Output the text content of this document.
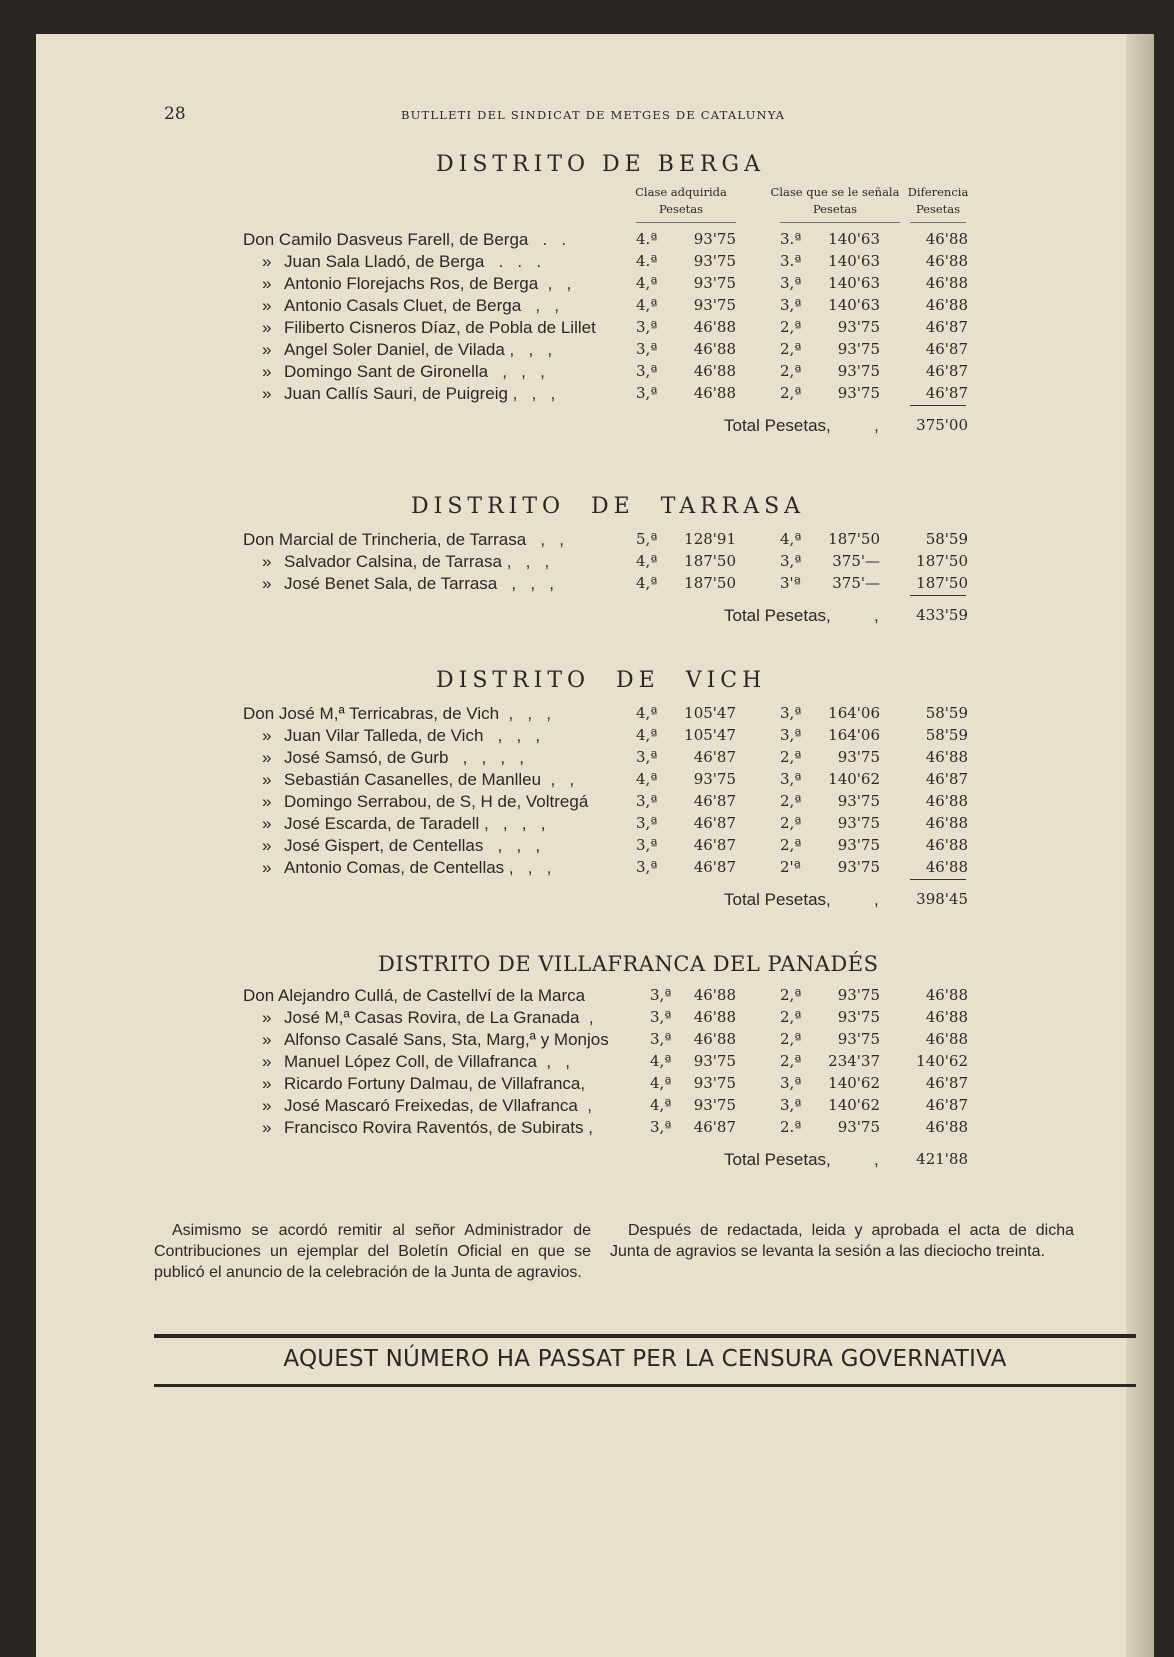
28	BUTLLETI DEL SINDICAT DE METGES DE CATALUNYA
DISTRITO DE BERGA
Clase adquirida
Pesetas
Clase que se le señala
Pesetas
Diferencia
Pesetas
Don Camilo Dasveus Farell, de Berga   .   .	4.ª	93'75	3.ª	140'63	46'88
» Juan Sala Lladó, de Berga   .   .   .	4.ª	93'75	3.ª	140'63	46'88
» Antonio Florejachs Ros, de Berga  ,   ,	4,ª	93'75	3,ª	140'63	46'88
» Antonio Casals Cluet, de Berga   ,   ,	4,ª	93'75	3,ª	140'63	46'88
» Filiberto Cisneros Díaz, de Pobla de Lillet	3,ª	46'88	2,ª	93'75	46'87
» Angel Soler Daniel, de Vilada ,   ,   ,	3,ª	46'88	2,ª	93'75	46'87
» Domingo Sant de Gironella   ,   ,   ,	3,ª	46'88	2,ª	93'75	46'87
» Juan Callís Sauri, de Puigreig ,   ,   ,	3,ª	46'88	2,ª	93'75	46'87
Total Pesetas,	,	375'00
DISTRITO DE TARRASA
Don Marcial de Trincheria, de Tarrasa   ,   ,	5,ª	128'91	4,ª	187'50	58'59
» Salvador Calsina, de Tarrasa ,   ,   ,	4,ª	187'50	3,ª	375'—	187'50
» José Benet Sala, de Tarrasa   ,   ,   ,	4,ª	187'50	3'ª	375'—	187'50
Total Pesetas,	,	433'59
DISTRITO DE VICH
Don José M,ª Terricabras, de Vich  ,   ,   ,	4,ª	105'47	3,ª	164'06	58'59
» Juan Vilar Talleda, de Vich   ,   ,   ,	4,ª	105'47	3,ª	164'06	58'59
» José Samsó, de Gurb   ,   ,   ,   ,	3,ª	46'87	2,ª	93'75	46'88
» Sebastián Casanelles, de Manlleu  ,   ,	4,ª	93'75	3,ª	140'62	46'87
» Domingo Serrabou, de S, H de, Voltregá	3,ª	46'87	2,ª	93'75	46'88
» José Escarda, de Taradell ,   ,   ,   ,	3,ª	46'87	2,ª	93'75	46'88
» José Gispert, de Centellas   ,   ,   ,	3,ª	46'87	2,ª	93'75	46'88
» Antonio Comas, de Centellas ,   ,   ,	3,ª	46'87	2'ª	93'75	46'88
Total Pesetas,	,	398'45
DISTRITO DE VILLAFRANCA DEL PANADÉS
Don Alejandro Cullá, de Castellví de la Marca	3,ª	46'88	2,ª	93'75	46'88
» José M,ª Casas Rovira, de La Granada  ,	3,ª	46'88	2,ª	93'75	46'88
» Alfonso Casalé Sans, Sta, Marg,ª y Monjos	3,ª	46'88	2,ª	93'75	46'88
» Manuel López Coll, de Villafranca  ,   ,	4,ª	93'75	2,ª	234'37	140'62
» Ricardo Fortuny Dalmau, de Villafranca,	4,ª	93'75	3,ª	140'62	46'87
» José Mascaró Freixedas, de Vllafranca  ,	4,ª	93'75	3,ª	140'62	46'87
» Francisco Rovira Raventós, de Subirats ,	3,ª	46'87	2.ª	93'75	46'88
Total Pesetas,	,	421'88
Asimismo se acordó remitir al señor Administrador de Contribuciones un ejemplar del Boletín Oficial en que se publicó el anuncio de la celebración de la Junta de agravios.
Después de redactada, leida y aprobada el acta de dicha Junta de agravios se levanta la sesión a las dieciocho treinta.
AQUEST NÚMERO HA PASSAT PER LA CENSURA GOVERNATIVA
